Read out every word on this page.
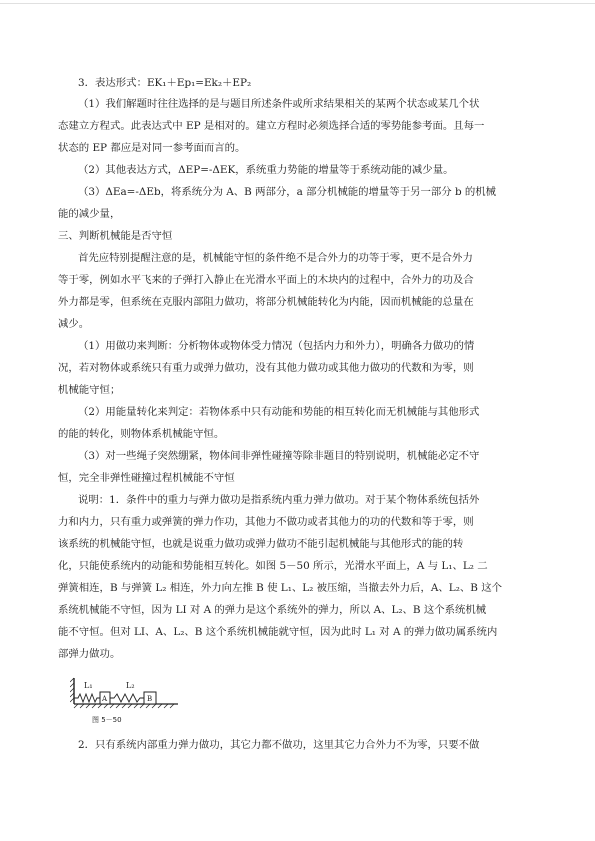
3．表达形式：EK₁＋Ep₁=Ek₂＋EP₂
（1）我们解题时往往选择的是与题目所述条件或所求结果相关的某两个状态或某几个状
态建立方程式。此表达式中 EP 是相对的。建立方程时必须选择合适的零势能参考面。且每一
状态的 EP 都应是对同一参考面而言的。
（2）其他表达方式，ΔEP=-ΔEK，系统重力势能的增量等于系统动能的减少量。
（3）ΔEa=-ΔEb，将系统分为 A、B 两部分，a 部分机械能的增量等于另一部分 b 的机械
能的减少量，
三、判断机械能是否守恒
首先应特别提醒注意的是，机械能守恒的条件绝不是合外力的功等于零，更不是合外力
等于零，例如水平飞来的子弹打入静止在光滑水平面上的木块内的过程中，合外力的功及合
外力都是零，但系统在克服内部阻力做功，将部分机械能转化为内能，因而机械能的总量在
减少。
（1）用做功来判断：分析物体或物体受力情况（包括内力和外力），明确各力做功的情
况，若对物体或系统只有重力或弹力做功，没有其他力做功或其他力做功的代数和为零，则
机械能守恒；
（2）用能量转化来判定：若物体系中只有动能和势能的相互转化而无机械能与其他形式
的能的转化，则物体系机械能守恒。
（3）对一些绳子突然绷紧，物体间非弹性碰撞等除非题目的特别说明，机械能必定不守
恒，完全非弹性碰撞过程机械能不守恒
说明：1．条件中的重力与弹力做功是指系统内重力弹力做功。对于某个物体系统包括外
力和内力，只有重力或弹簧的弹力作功，其他力不做功或者其他力的功的代数和等于零，则
该系统的机械能守恒，也就是说重力做功或弹力做功不能引起机械能与其他形式的能的转
化，只能使系统内的动能和势能相互转化。如图 5－50 所示，光滑水平面上，A 与 L₁、L₂ 二
弹簧相连，B 与弹簧 L₂ 相连，外力向左推 B 使 L₁、L₂ 被压缩，当撤去外力后，A、L₂、B 这个
系统机械能不守恒，因为 LI 对 A 的弹力是这个系统外的弹力，所以 A、L₂、B 这个系统机械
能不守恒。但对 LI、A、L₂、B 这个系统机械能就守恒，因为此时 L₁ 对 A 的弹力做功属系统内
部弹力做功。
L₁	L₂
A	B
图 5－50
2．只有系统内部重力弹力做功，其它力都不做功，这里其它力合外力不为零，只要不做
